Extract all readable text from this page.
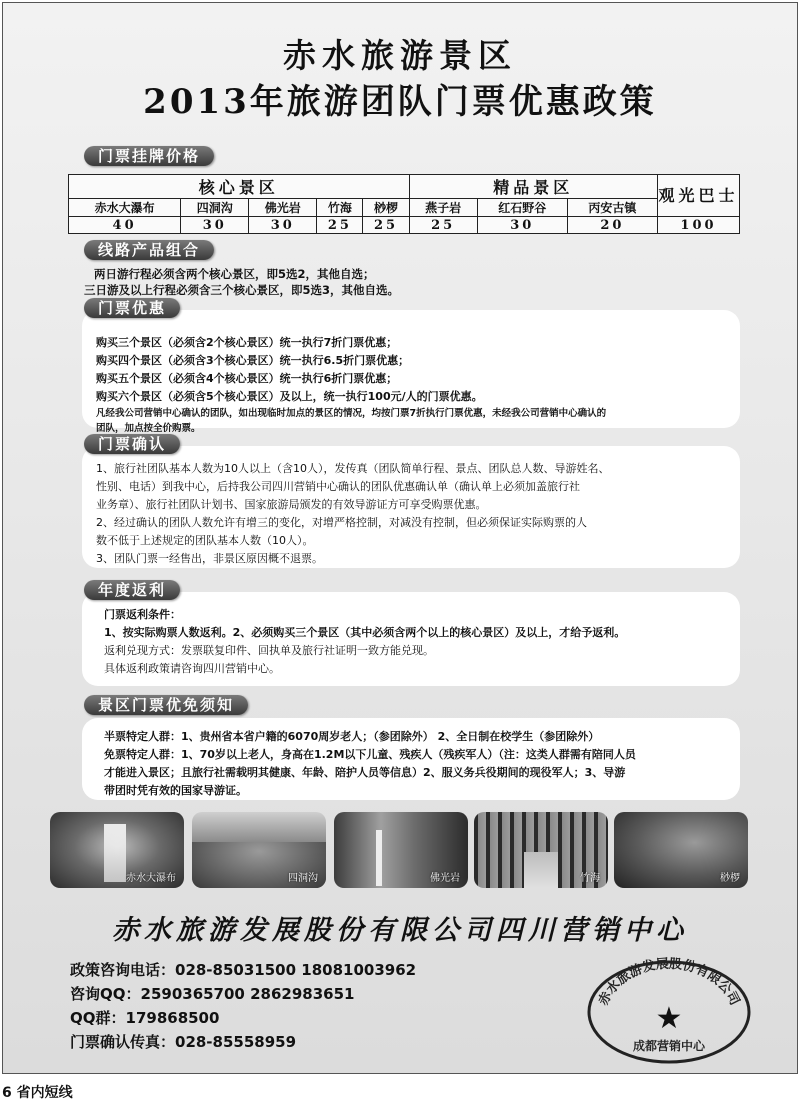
赤水旅游景区
2013年旅游团队门票优惠政策
门票挂牌价格
核心景区					精品景区			观光巴士
赤水大瀑布	四洞沟	佛光岩	竹海	桫椤	燕子岩	红石野谷	丙安古镇	
40	30	30	25	25	25	30	20	100
线路产品组合
两日游行程必须含两个核心景区，即5选2，其他自选；
三日游及以上行程必须含三个核心景区，即5选3，其他自选。

购买三个景区（必须含2个核心景区）统一执行7折门票优惠；

购买四个景区（必须含3个核心景区）统一执行6.5折门票优惠；

购买五个景区（必须含4个核心景区）统一执行6折门票优惠；

购买六个景区（必须含5个核心景区）及以上，统一执行100元/人的门票优惠。

凡经我公司营销中心确认的团队，如出现临时加点的景区的情况，均按门票7折执行门票优惠，未经我公司营销中心确认的

团队，加点按全价购票。

门票优惠

1、旅行社团队基本人数为10人以上（含10人），发传真（团队简单行程、景点、团队总人数、导游姓名、

性别、电话）到我中心，后持我公司四川营销中心确认的团队优惠确认单（确认单上必须加盖旅行社

业务章）、旅行社团队计划书、国家旅游局颁发的有效导游证方可享受购票优惠。

2、经过确认的团队人数允许有增三的变化，对增严格控制，对减没有控制，但必须保证实际购票的人

数不低于上述规定的团队基本人数（10人）。

3、团队门票一经售出，非景区原因概不退票。

门票确认

门票返利条件：

1、按实际购票人数返利。2、必须购买三个景区（其中必须含两个以上的核心景区）及以上，才给予返利。

返利兑现方式：发票联复印件、回执单及旅行社证明一致方能兑现。

具体返利政策请咨询四川营销中心。

年度返利

半票特定人群：1、贵州省本省户籍的6070周岁老人；（参团除外） 2、全日制在校学生（参团除外）

免票特定人群：1、70岁以上老人，身高在1.2M以下儿童、残疾人（残疾军人）（注：这类人群需有陪同人员

才能进入景区；且旅行社需载明其健康、年龄、陪护人员等信息）2、服义务兵役期间的现役军人；3、导游

带团时凭有效的国家导游证。

景区门票优免须知
赤水大瀑布	四洞沟	佛光岩	竹海	桫椤
赤水旅游发展股份有限公司四川营销中心
政策咨询电话：028-85031500 18081003962
咨询QQ：2590365700 2862983651
QQ群：179868500
门票确认传真：028-85558959
赤水旅游发展股份有限公司
★
成都营销中心
6 省内短线
